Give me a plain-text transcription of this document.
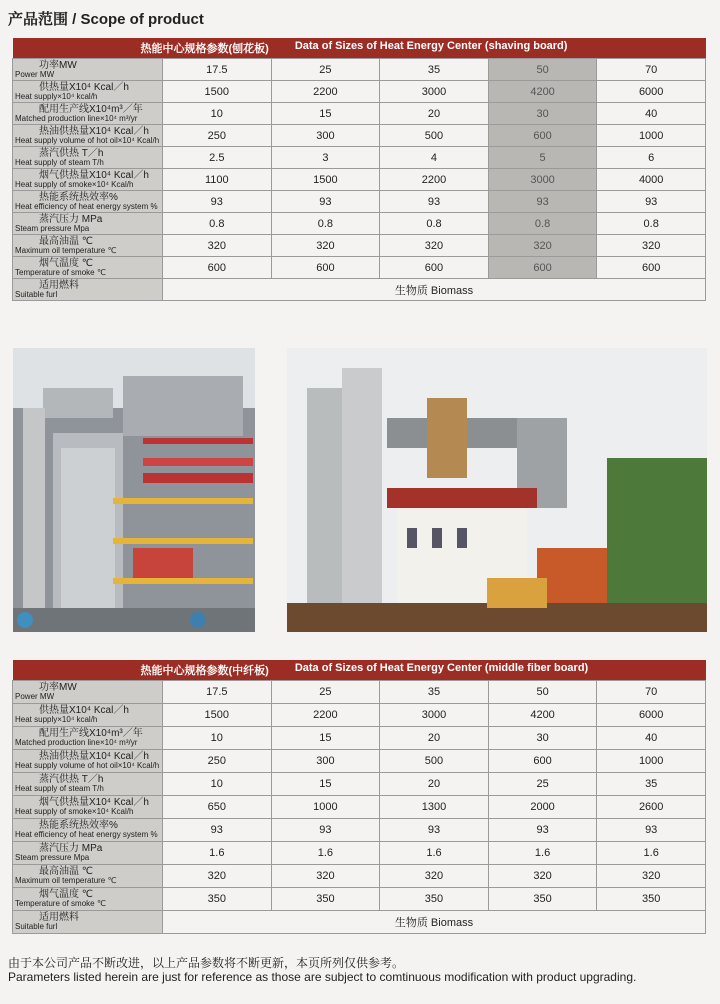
产品范围 / Scope of product
热能中心规格参数(刨花板) Data of Sizes of Heat Energy Center (shaving board)					

功率MW
Power MW	17.5	25	35	50	70

供热量X10⁴ Kcal／h
Heat supply×10⁴ kcal/h	1500	2200	3000	4200	6000

配用生产线X10⁴m³／年
Matched production line×10⁴ m³/yr	10	15	20	30	40

热油供热量X10⁴ Kcal／h
Heat supply volume of hot oil×10⁴ Kcal/h	250	300	500	600	1000

蒸汽供热 T／h
Heat supply of steam T/h	2.5	3	4	5	6

烟气供热量X10⁴ Kcal／h
Heat supply of smoke×10⁴ Kcal/h	1100	1500	2200	3000	4000

热能系统热效率%
Heat efficiency of heat energy system %	93	93	93	93	93

蒸汽压力 MPa
Steam pressure Mpa	0.8	0.8	0.8	0.8	0.8

最高油温 ℃
Maximum oil temperature ℃	320	320	320	320	320

烟气温度 ℃
Temperature of smoke ℃	600	600	600	600	600

适用燃料
Suitable furl	生物质 Biomass				
热能中心规格参数(中纤板) Data of Sizes of Heat Energy Center (middle fiber board)					

功率MW
Power MW	17.5	25	35	50	70

供热量X10⁴ Kcal／h
Heat supply×10⁴ kcal/h	1500	2200	3000	4200	6000

配用生产线X10⁴m³／年
Matched production line×10⁴ m³/yr	10	15	20	30	40

热油供热量X10⁴ Kcal／h
Heat supply volume of hot oil×10⁴ Kcal/h	250	300	500	600	1000

蒸汽供热 T／h
Heat supply of steam T/h	10	15	20	25	35

烟气供热量X10⁴ Kcal／h
Heat supply of smoke×10⁴ Kcal/h	650	1000	1300	2000	2600

热能系统热效率%
Heat efficiency of heat energy system %	93	93	93	93	93

蒸汽压力 MPa
Steam pressure Mpa	1.6	1.6	1.6	1.6	1.6

最高油温 ℃
Maximum oil temperature ℃	320	320	320	320	320

烟气温度 ℃
Temperature of smoke ℃	350	350	350	350	350

适用燃料
Suitable furl	生物质 Biomass				
由于本公司产品不断改进，以上产品参数将不断更新，本页所列仅供参考。
Parameters listed herein are just for reference as those are subject to comtinuous modification with product upgrading.
